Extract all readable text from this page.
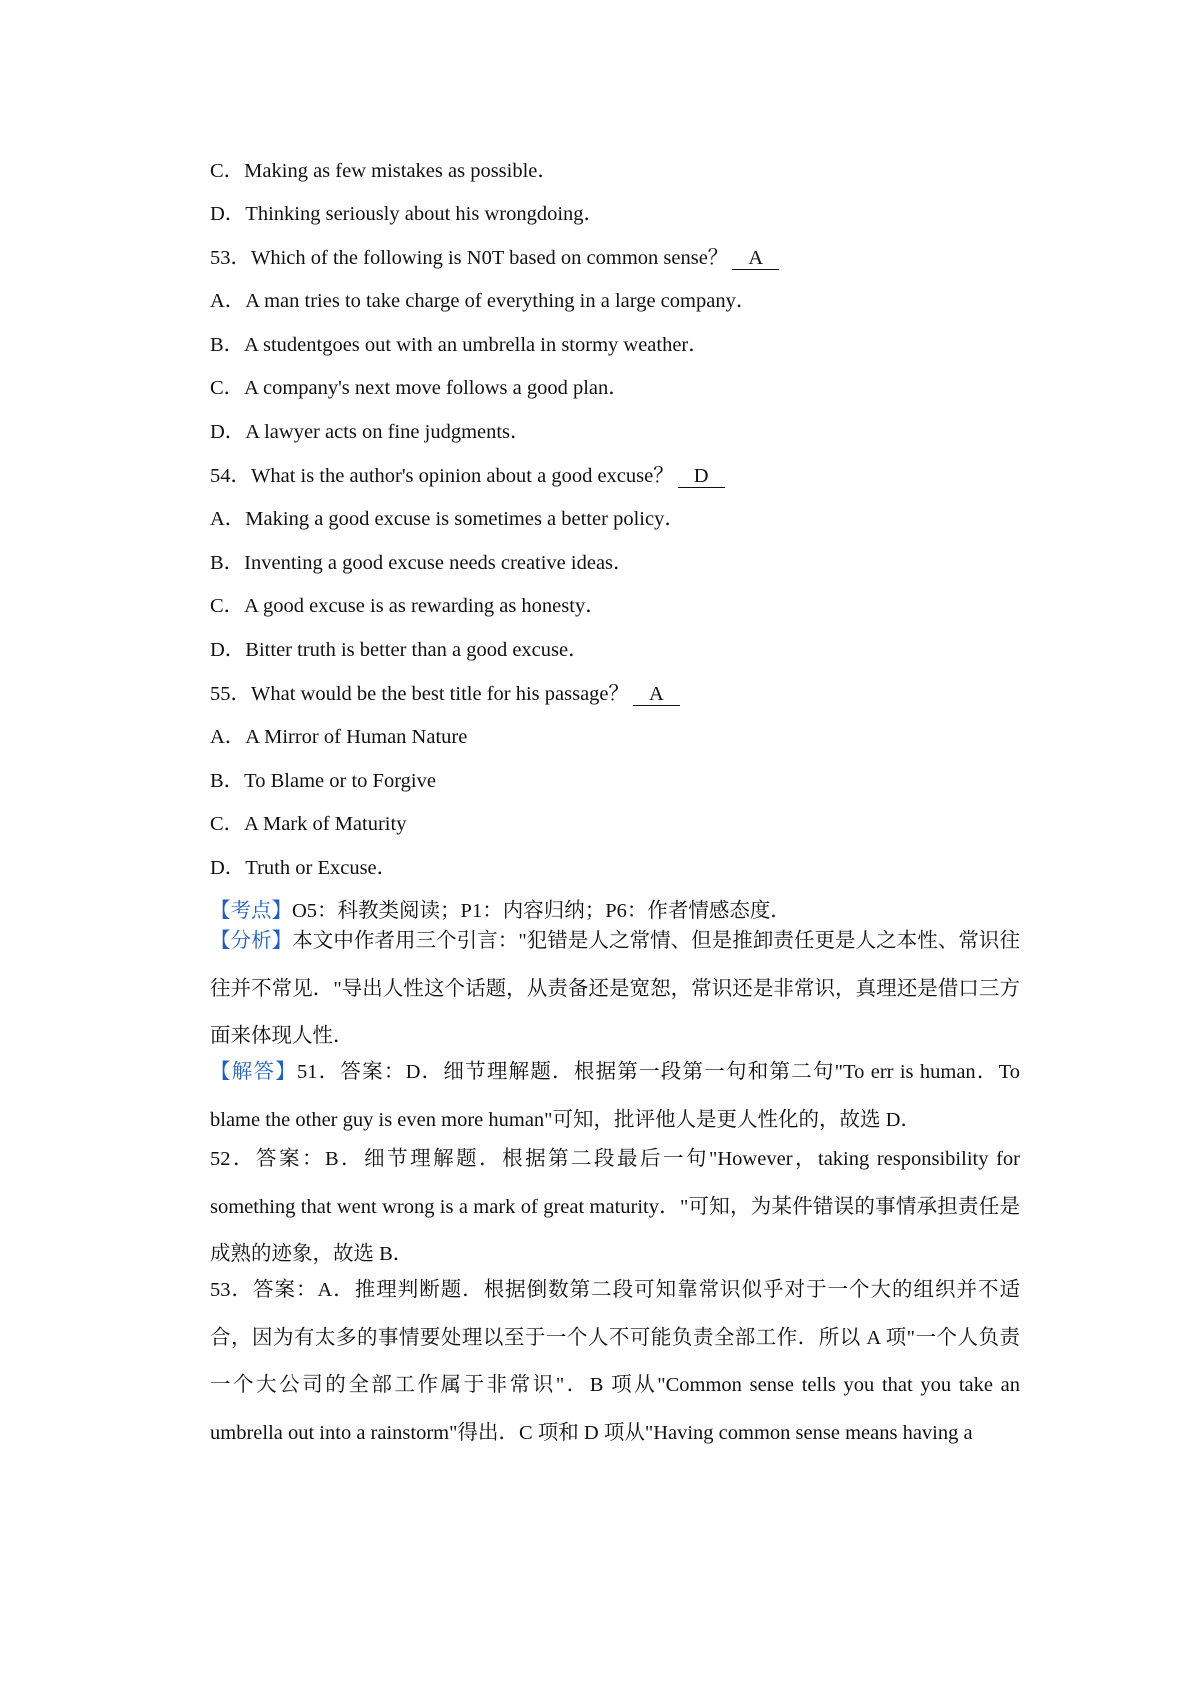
C．Making as few mistakes as possible．
D．Thinking seriously about his wrongdoing．
53．Which of the following is N0T based on common sense？ A
A．A man tries to take charge of everything in a large company．
B．A studentgoes out with an umbrella in stormy weather．
C．A company's next move follows a good plan．
D．A lawyer acts on fine judgments．
54．What is the author's opinion about a good excuse？ D
A．Making a good excuse is sometimes a better policy．
B．Inventing a good excuse needs creative ideas．
C．A good excuse is as rewarding as honesty．
D．Bitter truth is better than a good excuse．
55．What would be the best title for his passage？ A
A．A Mirror of Human Nature
B．To Blame or to Forgive
C．A Mark of Maturity
D．Truth or Excuse．
【考点】O5：科教类阅读；P1：内容归纳；P6：作者情感态度．
【分析】本文中作者用三个引言："犯错是人之常情、但是推卸责任更是人之本性、常识往往并不常见．"导出人性这个话题，从责备还是宽恕，常识还是非常识，真理还是借口三方面来体现人性．
【解答】51．答案：D．细节理解题．根据第一段第一句和第二句"To err is human．To blame the other guy is even more human"可知，批评他人是更人性化的，故选 D．
52．答案：B．细节理解题．根据第二段最后一句"However，taking responsibility for something that went wrong is a mark of great maturity．"可知，为某件错误的事情承担责任是成熟的迹象，故选 B．
53．答案：A．推理判断题．根据倒数第二段可知靠常识似乎对于一个大的组织并不适合，因为有太多的事情要处理以至于一个人不可能负责全部工作．所以 A 项"一个人负责一个大公司的全部工作属于非常识"．B 项从"Common sense tells you that you take an umbrella out into a rainstorm"得出．C 项和 D 项从"Having common sense means having a
